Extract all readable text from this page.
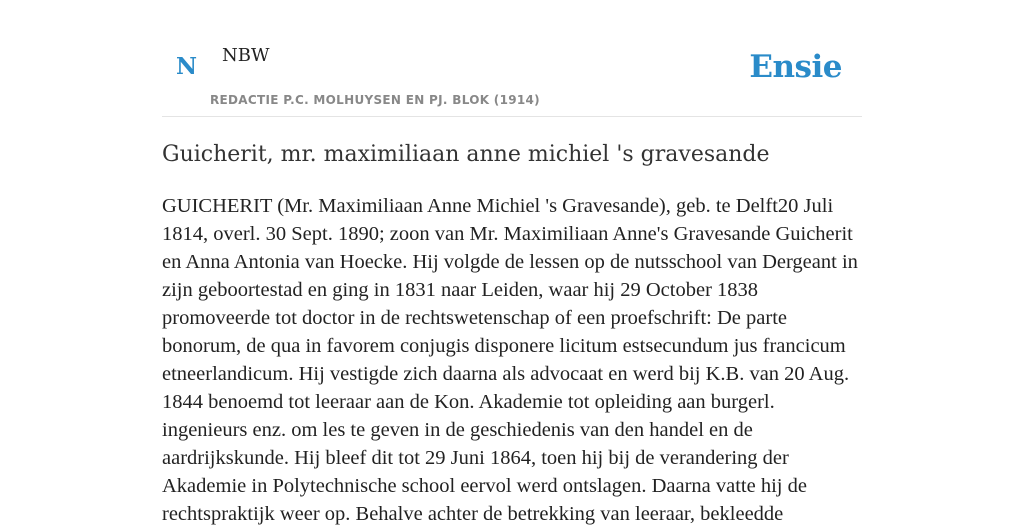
N NBW
REDACTIE P.C. MOLHUYSEN EN PJ. BLOK (1914)
Ensie
Guicherit, mr. maximiliaan anne michiel 's gravesande

GUICHERIT (Mr. Maximiliaan Anne Michiel 's Gravesande), geb. te Delft20 Juli 1814, overl. 30 Sept. 1890; zoon van Mr. Maximiliaan Anne's Gravesande Guicherit en Anna Antonia van Hoecke. Hij volgde de lessen op de nutsschool van Dergeant in zijn geboortestad en ging in 1831 naar Leiden, waar hij 29 October 1838 promoveerde tot doctor in de rechtswetenschap of een proefschrift: De parte bonorum, de qua in favorem conjugis disponere licitum estsecundum jus francicum etneerlandicum. Hij vestigde zich daarna als advocaat en werd bij K.B. van 20 Aug. 1844 benoemd tot leeraar aan de Kon. Akademie tot opleiding aan burgerl. ingenieurs enz. om les te geven in de geschiedenis van den handel en de aardrijkskunde. Hij bleef dit tot 29 Juni 1864, toen hij bij de verandering der Akademie in Polytechnische school eervol werd ontslagen. Daarna vatte hij de rechtspraktijk weer op. Behalve achter de betrekking van leeraar, bekleedde
